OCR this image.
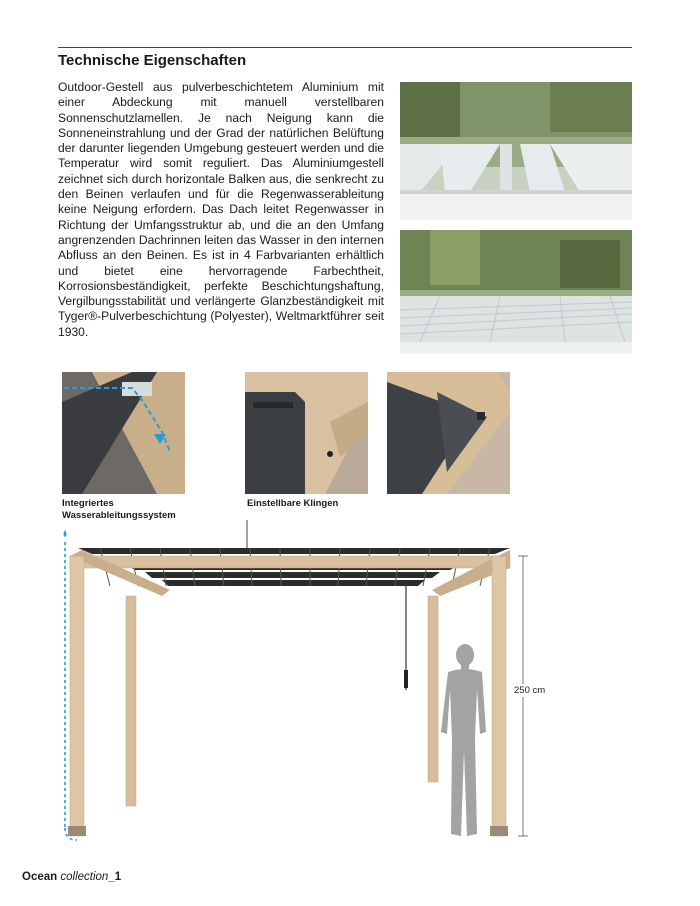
Technische Eigenschaften

Outdoor-Gestell aus pulverbeschichtetem Aluminium mit einer Abdeckung mit manuell verstellbaren Sonnenschutzlamellen. Je nach Neigung kann die Sonneneinstrahlung und der Grad der natürlichen Belüftung der darunter liegenden Umgebung gesteuert werden und die Temperatur wird somit reguliert. Das Aluminiumgestell zeichnet sich durch horizontale Balken aus, die senkrecht zu den Beinen verlaufen und für die Regenwasserableitung keine Neigung erfordern. Das Dach leitet Regenwasser in Richtung der Umfangsstruktur ab, und die an den Umfang angrenzenden Dachrinnen leiten das Wasser in den internen Abfluss an den Beinen. Es ist in 4 Farbvarianten erhältlich und bietet eine hervorragende Farbechtheit, Korrosionsbeständigkeit, perfekte Beschichtungshaftung, Vergilbungsstabilität und verlängerte Glanzbeständigkeit mit Tyger®-Pulverbeschichtung (Polyester), Weltmarktführer seit 1930.

Integriertes Wasserableitungssystem
Einstellbare Klingen
250 cm
Ocean collection_1
